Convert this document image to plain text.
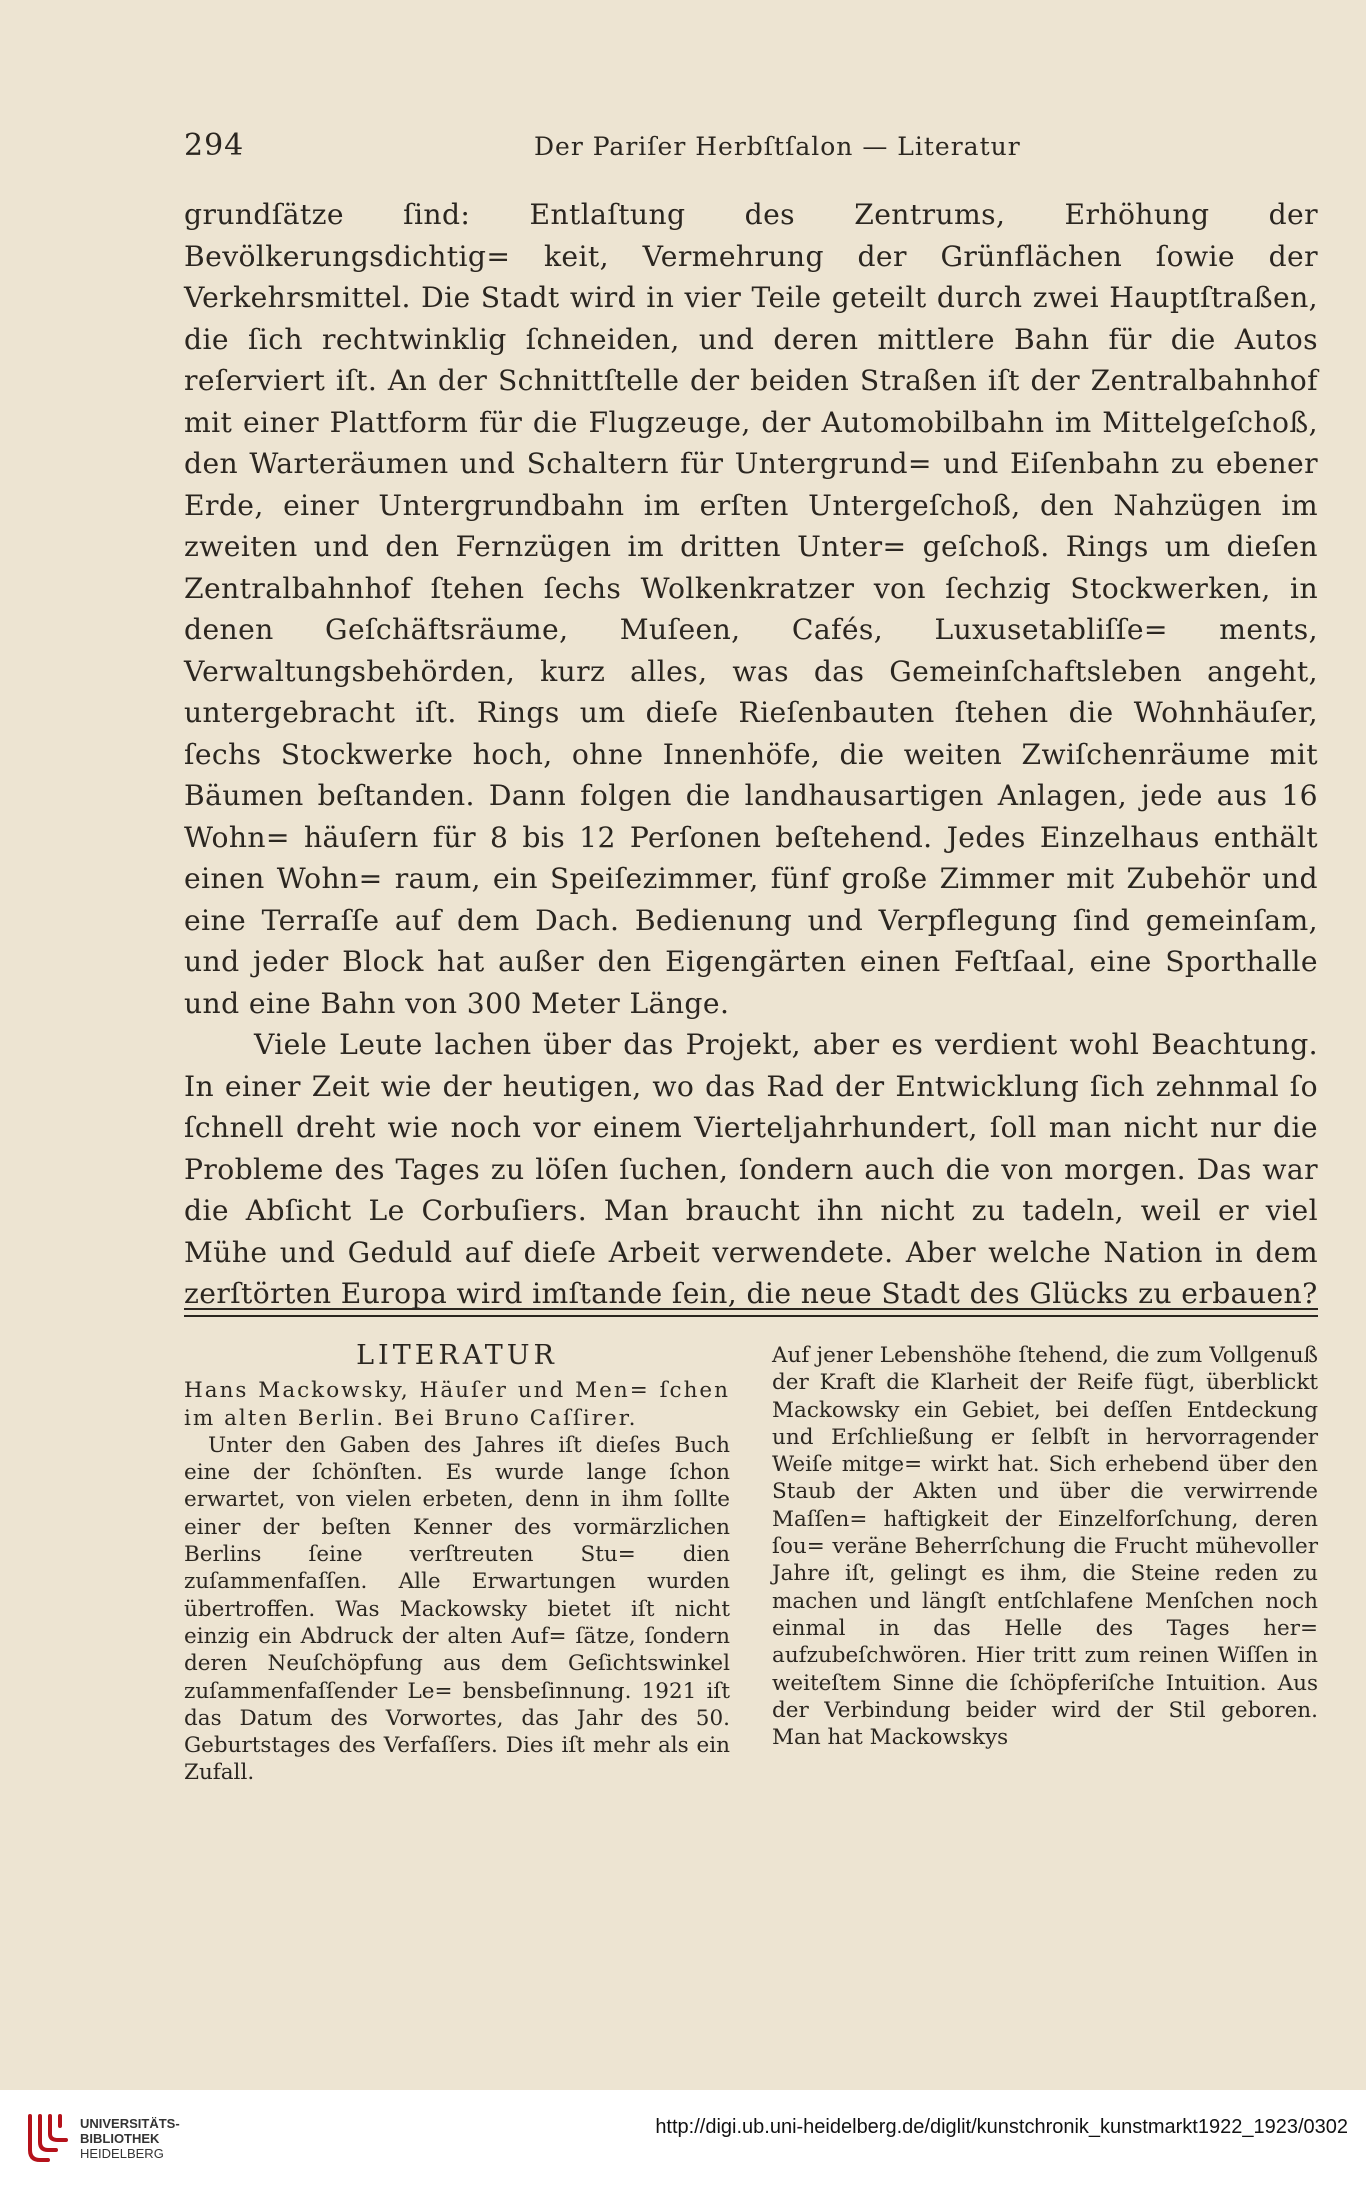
294	Der Pariſer Herbſtſalon — Literatur

grundſätze ſind: Entlaſtung des Zentrums, Erhöhung der Bevölkerungsdichtig= keit, Vermehrung der Grünflächen ſowie der Verkehrsmittel. Die Stadt wird in vier Teile geteilt durch zwei Hauptſtraßen, die ſich rechtwinklig ſchneiden, und deren mittlere Bahn für die Autos reſerviert iſt. An der Schnittſtelle der beiden Straßen iſt der Zentralbahnhof mit einer Plattform für die Flugzeuge, der Automobilbahn im Mittelgeſchoß, den Warteräumen und Schaltern für Untergrund= und Eiſenbahn zu ebener Erde, einer Untergrundbahn im erſten Untergeſchoß, den Nahzügen im zweiten und den Fernzügen im dritten Unter= geſchoß. Rings um dieſen Zentralbahnhof ſtehen ſechs Wolkenkratzer von ſechzig Stockwerken, in denen Geſchäftsräume, Muſeen, Cafés, Luxusetabliſſe= ments, Verwaltungsbehörden, kurz alles, was das Gemeinſchaftsleben angeht, untergebracht iſt. Rings um dieſe Rieſenbauten ſtehen die Wohnhäuſer, ſechs Stockwerke hoch, ohne Innenhöfe, die weiten Zwiſchenräume mit Bäumen beſtanden. Dann folgen die landhausartigen Anlagen, jede aus 16 Wohn= häuſern für 8 bis 12 Perſonen beſtehend. Jedes Einzelhaus enthält einen Wohn= raum, ein Speiſezimmer, fünf große Zimmer mit Zubehör und eine Terraſſe auf dem Dach. Bedienung und Verpflegung ſind gemeinſam, und jeder Block hat außer den Eigengärten einen Feſtſaal, eine Sporthalle und eine Bahn von 300 Meter Länge.

Viele Leute lachen über das Projekt, aber es verdient wohl Beachtung. In einer Zeit wie der heutigen, wo das Rad der Entwicklung ſich zehnmal ſo ſchnell dreht wie noch vor einem Vierteljahrhundert, ſoll man nicht nur die Probleme des Tages zu löſen ſuchen, ſondern auch die von morgen. Das war die Abſicht Le Corbuſiers. Man braucht ihn nicht zu tadeln, weil er viel Mühe und Geduld auf dieſe Arbeit verwendete. Aber welche Nation in dem zerſtörten Europa wird imſtande ſein, die neue Stadt des Glücks zu erbauen?

LITERATUR

Hans Mackowsky, Häuſer und Men= ſchen im alten Berlin. Bei Bruno Caſſirer.

Unter den Gaben des Jahres iſt dieſes Buch eine der ſchönſten. Es wurde lange ſchon erwartet, von vielen erbeten, denn in ihm ſollte einer der beſten Kenner des vormärzlichen Berlins ſeine verſtreuten Stu= dien zuſammenfaſſen. Alle Erwartungen wurden übertroffen. Was Mackowsky bietet iſt nicht einzig ein Abdruck der alten Auf= ſätze, ſondern deren Neuſchöpfung aus dem Geſichtswinkel zuſammenfaſſender Le= bensbeſinnung. 1921 iſt das Datum des Vorwortes, das Jahr des 50. Geburtstages des Verfaſſers. Dies iſt mehr als ein Zufall.

Auf jener Lebenshöhe ſtehend, die zum Vollgenuß der Kraft die Klarheit der Reife fügt, überblickt Mackowsky ein Gebiet, bei deſſen Entdeckung und Erſchließung er ſelbſt in hervorragender Weiſe mitge= wirkt hat. Sich erhebend über den Staub der Akten und über die verwirrende Maſſen= haftigkeit der Einzelforſchung, deren ſou= veräne Beherrſchung die Frucht mühevoller Jahre iſt, gelingt es ihm, die Steine reden zu machen und längſt entſchlafene Menſchen noch einmal in das Helle des Tages her= aufzubeſchwören. Hier tritt zum reinen Wiſſen in weiteſtem Sinne die ſchöpferiſche Intuition. Aus der Verbindung beider wird der Stil geboren. Man hat Mackowskys

UNIVERSITÄTS-
BIBLIOTHEK
HEIDELBERG
http://digi.ub.uni-heidelberg.de/diglit/kunstchronik_kunstmarkt1922_1923/0302
